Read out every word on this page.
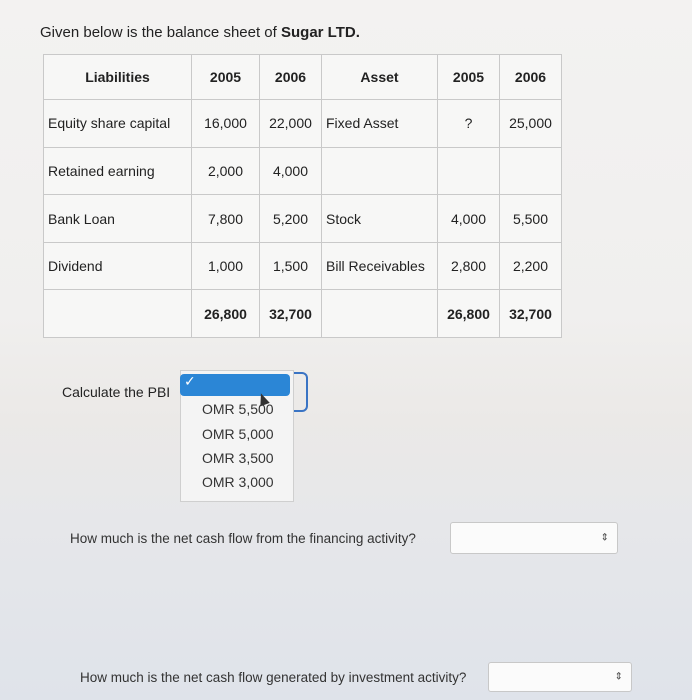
Given below is the balance sheet of Sugar LTD.
Liabilities	2005	2006	Asset	2005	2006
Equity share capital	16,000	22,000	Fixed Asset	?	25,000
Retained earning	2,000	4,000			
Bank Loan	7,800	5,200	Stock	4,000	5,500
Dividend	1,000	1,500	Bill Receivables	2,800	2,200
	26,800	32,700		26,800	32,700
Calculate the PBI
✓
OMR 5,500
OMR 5,000
OMR 3,500
OMR 3,000
How much is the net cash flow from the financing activity?	⇕
How much is the net cash flow generated by investment activity?	⇕
